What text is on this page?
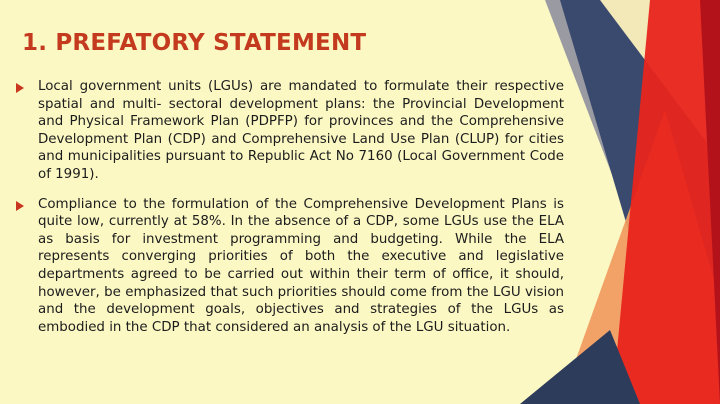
1. PREFATORY STATEMENT

Local government units (LGUs) are mandated to formulate their respective spatial and multi- sectoral development plans: the Provincial Development and Physical Framework Plan (PDPFP) for provinces and the Comprehensive Development Plan (CDP) and Comprehensive Land Use Plan (CLUP) for cities and municipalities pursuant to Republic Act No 7160 (Local Government Code of 1991).

Compliance to the formulation of the Comprehensive Development Plans is quite low, currently at 58%. In the absence of a CDP, some LGUs use the ELA as basis for investment programming and budgeting. While the ELA represents converging priorities of both the executive and legislative departments agreed to be carried out within their term of office, it should, however, be emphasized that such priorities should come from the LGU vision and the development goals, objectives and strategies of the LGUs as embodied in the CDP that considered an analysis of the LGU situation.
